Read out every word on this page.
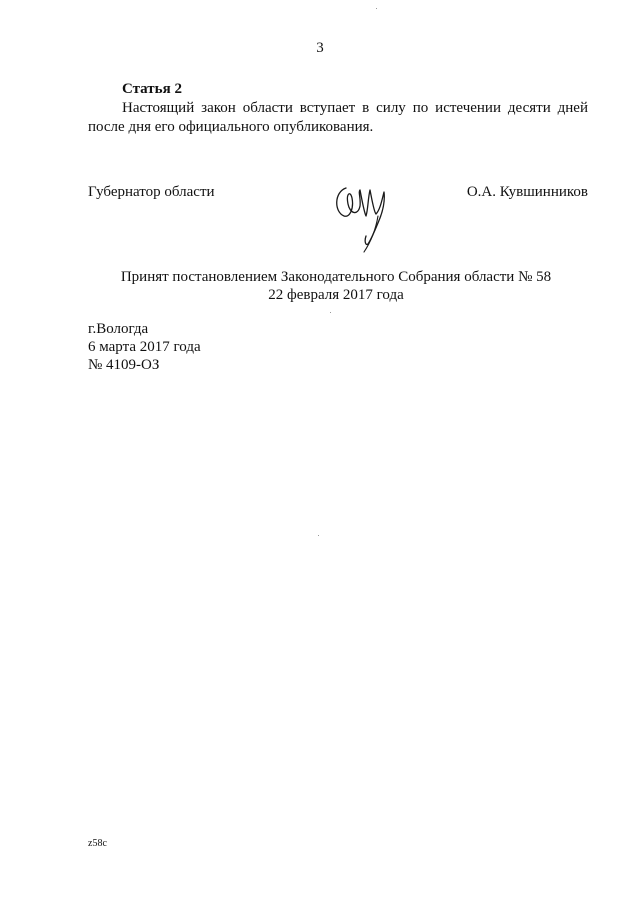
3
Статья 2
Настоящий закон области вступает в силу по истечении десяти дней после дня его официального опубликования.
Губернатор области	О.А. Кувшинников
Принят постановлением Законодательного Собрания области № 58
22 февраля 2017 года
г.Вологда
6 марта 2017 года
№ 4109-ОЗ
z58c
